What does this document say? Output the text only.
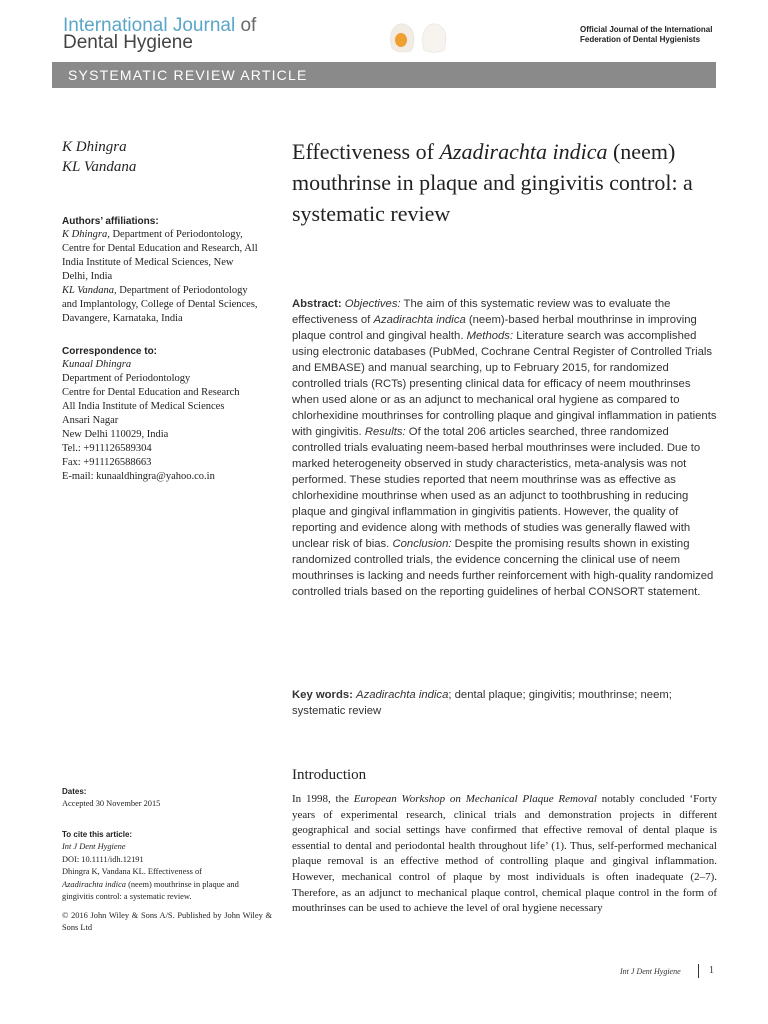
International Journal of
Dental Hygiene
Official Journal of the International
Federation of Dental Hygienists
SYSTEMATIC REVIEW ARTICLE
K Dhingra
KL Vandana
Authors’ affiliations:
K Dhingra, Department of Periodontology, Centre for Dental Education and Research, All India Institute of Medical Sciences, New Delhi, India
KL Vandana, Department of Periodontology and Implantology, College of Dental Sciences, Davangere, Karnataka, India
Correspondence to:
Kunaal Dhingra
Department of Periodontology
Centre for Dental Education and Research
All India Institute of Medical Sciences
Ansari Nagar
New Delhi 110029, India
Tel.: +911126589304
Fax: +911126588663
E-mail: kunaaldhingra@yahoo.co.in
Effectiveness of Azadirachta indica (neem) mouthrinse in plaque and gingivitis control: a systematic review

Abstract: Objectives: The aim of this systematic review was to evaluate the effectiveness of Azadirachta indica (neem)-based herbal mouthrinse in improving plaque control and gingival health. Methods: Literature search was accomplished using electronic databases (PubMed, Cochrane Central Register of Controlled Trials and EMBASE) and manual searching, up to February 2015, for randomized controlled trials (RCTs) presenting clinical data for efficacy of neem mouthrinses when used alone or as an adjunct to mechanical oral hygiene as compared to chlorhexidine mouthrinses for controlling plaque and gingival inflammation in patients with gingivitis. Results: Of the total 206 articles searched, three randomized controlled trials evaluating neem-based herbal mouthrinses were included. Due to marked heterogeneity observed in study characteristics, meta-analysis was not performed. These studies reported that neem mouthrinse was as effective as chlorhexidine mouthrinse when used as an adjunct to toothbrushing in reducing plaque and gingival inflammation in gingivitis patients. However, the quality of reporting and evidence along with methods of studies was generally flawed with unclear risk of bias. Conclusion: Despite the promising results shown in existing randomized controlled trials, the evidence concerning the clinical use of neem mouthrinses is lacking and needs further reinforcement with high-quality randomized controlled trials based on the reporting guidelines of herbal CONSORT statement.

Key words: Azadirachta indica; dental plaque; gingivitis; mouthrinse; neem; systematic review

Dates:
Accepted 30 November 2015
To cite this article:
Int J Dent Hygiene
DOI: 10.1111/idh.12191
Dhingra K, Vandana KL. Effectiveness of
Azadirachta indica (neem) mouthrinse in plaque and gingivitis control: a systematic review.
© 2016 John Wiley & Sons A/S. Published by John Wiley & Sons Ltd
Introduction

In 1998, the European Workshop on Mechanical Plaque Removal notably concluded ‘Forty years of experimental research, clinical trials and demonstration projects in different geographical and social settings have confirmed that effective removal of dental plaque is essential to dental and periodontal health throughout life’ (1). Thus, self-performed mechanical plaque removal is an effective method of controlling plaque and gingival inflammation. However, mechanical control of plaque by most individuals is often inadequate (2–7). Therefore, as an adjunct to mechanical plaque control, chemical plaque control in the form of mouthrinses can be used to achieve the level of oral hygiene necessary

Int J Dent Hygiene	1
